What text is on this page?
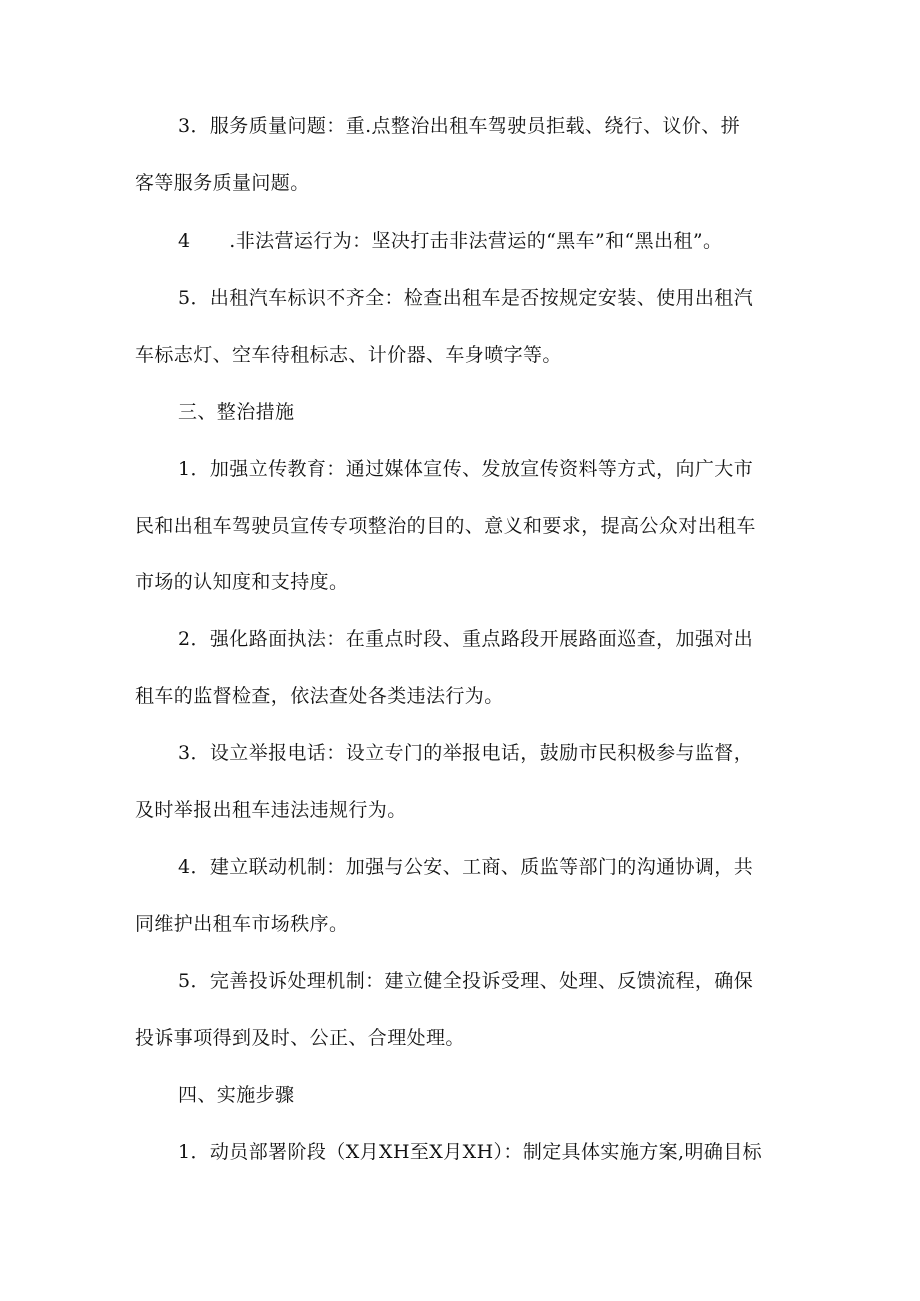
3．服务质量问题：重.点整治出租车驾驶员拒载、绕行、议价、拼
客等服务质量问题。
4　　.非法营运行为：坚决打击非法营运的“黑车”和“黑出租”。
5．出租汽车标识不齐全：检查出租车是否按规定安装、使用出租汽
车标志灯、空车待租标志、计价器、车身喷字等。
三、整治措施
1．加强立传教育：通过媒体宣传、发放宣传资料等方式，向广大市
民和出租车驾驶员宣传专项整治的目的、意义和要求，提高公众对出租车
市场的认知度和支持度。
2．强化路面执法：在重点时段、重点路段开展路面巡查，加强对出
租车的监督检查，依法查处各类违法行为。
3．设立举报电话：设立专门的举报电话，鼓励市民积极参与监督，
及时举报出租车违法违规行为。
4．建立联动机制：加强与公安、工商、质监等部门的沟通协调，共
同维护出租车市场秩序。
5．完善投诉处理机制：建立健全投诉受理、处理、反馈流程，确保
投诉事项得到及时、公正、合理处理。
四、实施步骤
1．动员部署阶段（X月XH至X月XH）：制定具体实施方案,明确目标
